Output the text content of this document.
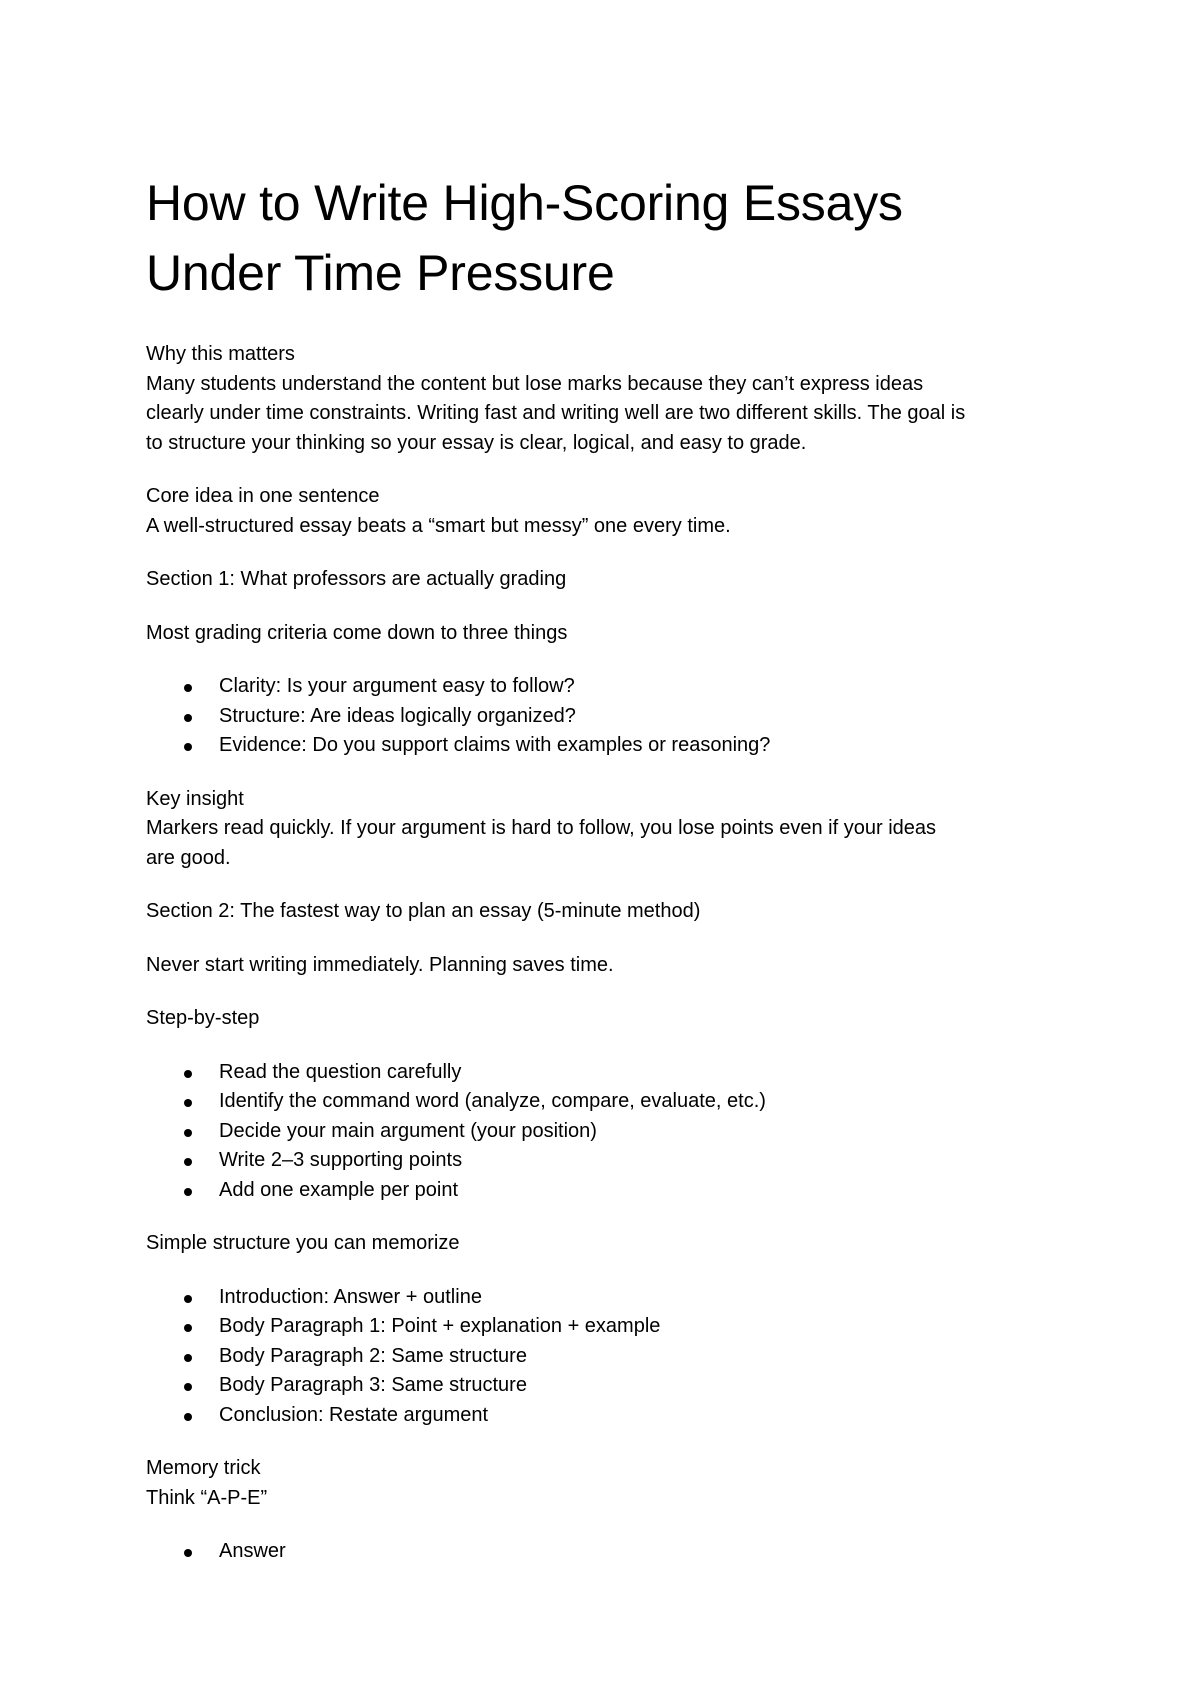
How to Write High-Scoring Essays
Under Time Pressure
Why this matters
Many students understand the content but lose marks because they can’t express ideas
clearly under time constraints. Writing fast and writing well are two different skills. The goal is
to structure your thinking so your essay is clear, logical, and easy to grade.
Core idea in one sentence
A well-structured essay beats a “smart but messy” one every time.
Section 1: What professors are actually grading
Most grading criteria come down to three things
Clarity: Is your argument easy to follow?
Structure: Are ideas logically organized?
Evidence: Do you support claims with examples or reasoning?
Key insight
Markers read quickly. If your argument is hard to follow, you lose points even if your ideas
are good.
Section 2: The fastest way to plan an essay (5-minute method)
Never start writing immediately. Planning saves time.
Step-by-step
Read the question carefully
Identify the command word (analyze, compare, evaluate, etc.)
Decide your main argument (your position)
Write 2–3 supporting points
Add one example per point
Simple structure you can memorize
Introduction: Answer + outline
Body Paragraph 1: Point + explanation + example
Body Paragraph 2: Same structure
Body Paragraph 3: Same structure
Conclusion: Restate argument
Memory trick
Think “A-P-E”
Answer
